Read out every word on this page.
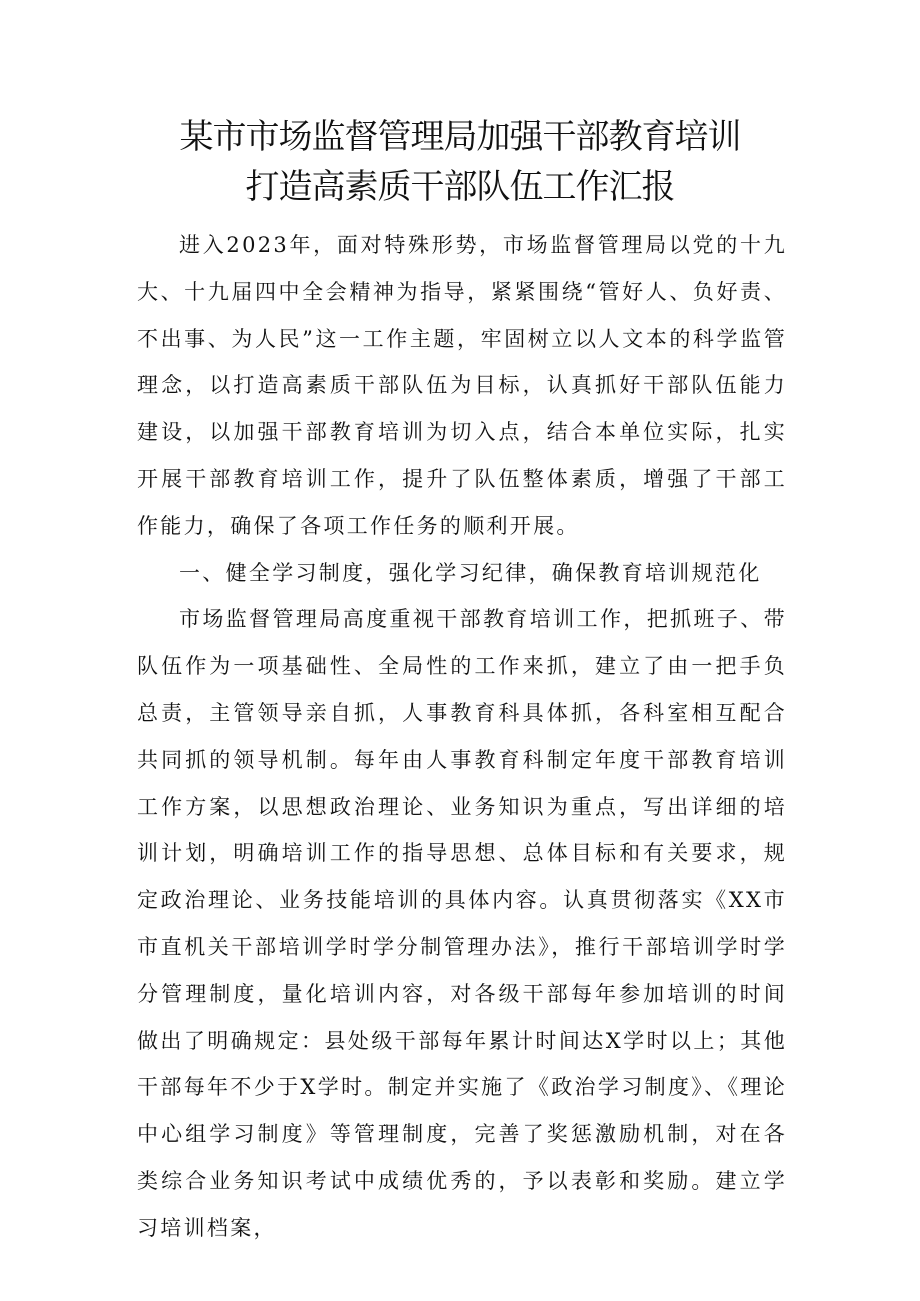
某市市场监督管理局加强干部教育培训
打造高素质干部队伍工作汇报

进入2023年，面对特殊形势，市场监督管理局以党的十九大、十九届四中全会精神为指导，紧紧围绕“管好人、负好责、不出事、为人民”这一工作主题，牢固树立以人文本的科学监管理念，以打造高素质干部队伍为目标，认真抓好干部队伍能力建设，以加强干部教育培训为切入点，结合本单位实际，扎实开展干部教育培训工作，提升了队伍整体素质，增强了干部工作能力，确保了各项工作任务的顺利开展。

一、健全学习制度，强化学习纪律，确保教育培训规范化

市场监督管理局高度重视干部教育培训工作，把抓班子、带队伍作为一项基础性、全局性的工作来抓，建立了由一把手负总责，主管领导亲自抓，人事教育科具体抓，各科室相互配合共同抓的领导机制。每年由人事教育科制定年度干部教育培训工作方案，以思想政治理论、业务知识为重点，写出详细的培训计划，明确培训工作的指导思想、总体目标和有关要求，规定政治理论、业务技能培训的具体内容。认真贯彻落实《XX市市直机关干部培训学时学分制管理办法》，推行干部培训学时学分管理制度，量化培训内容，对各级干部每年参加培训的时间做出了明确规定：县处级干部每年累计时间达X学时以上；其他干部每年不少于X学时。制定并实施了《政治学习制度》、《理论中心组学习制度》等管理制度，完善了奖惩激励机制，对在各类综合业务知识考试中成绩优秀的，予以表彰和奖励。建立学习培训档案，
